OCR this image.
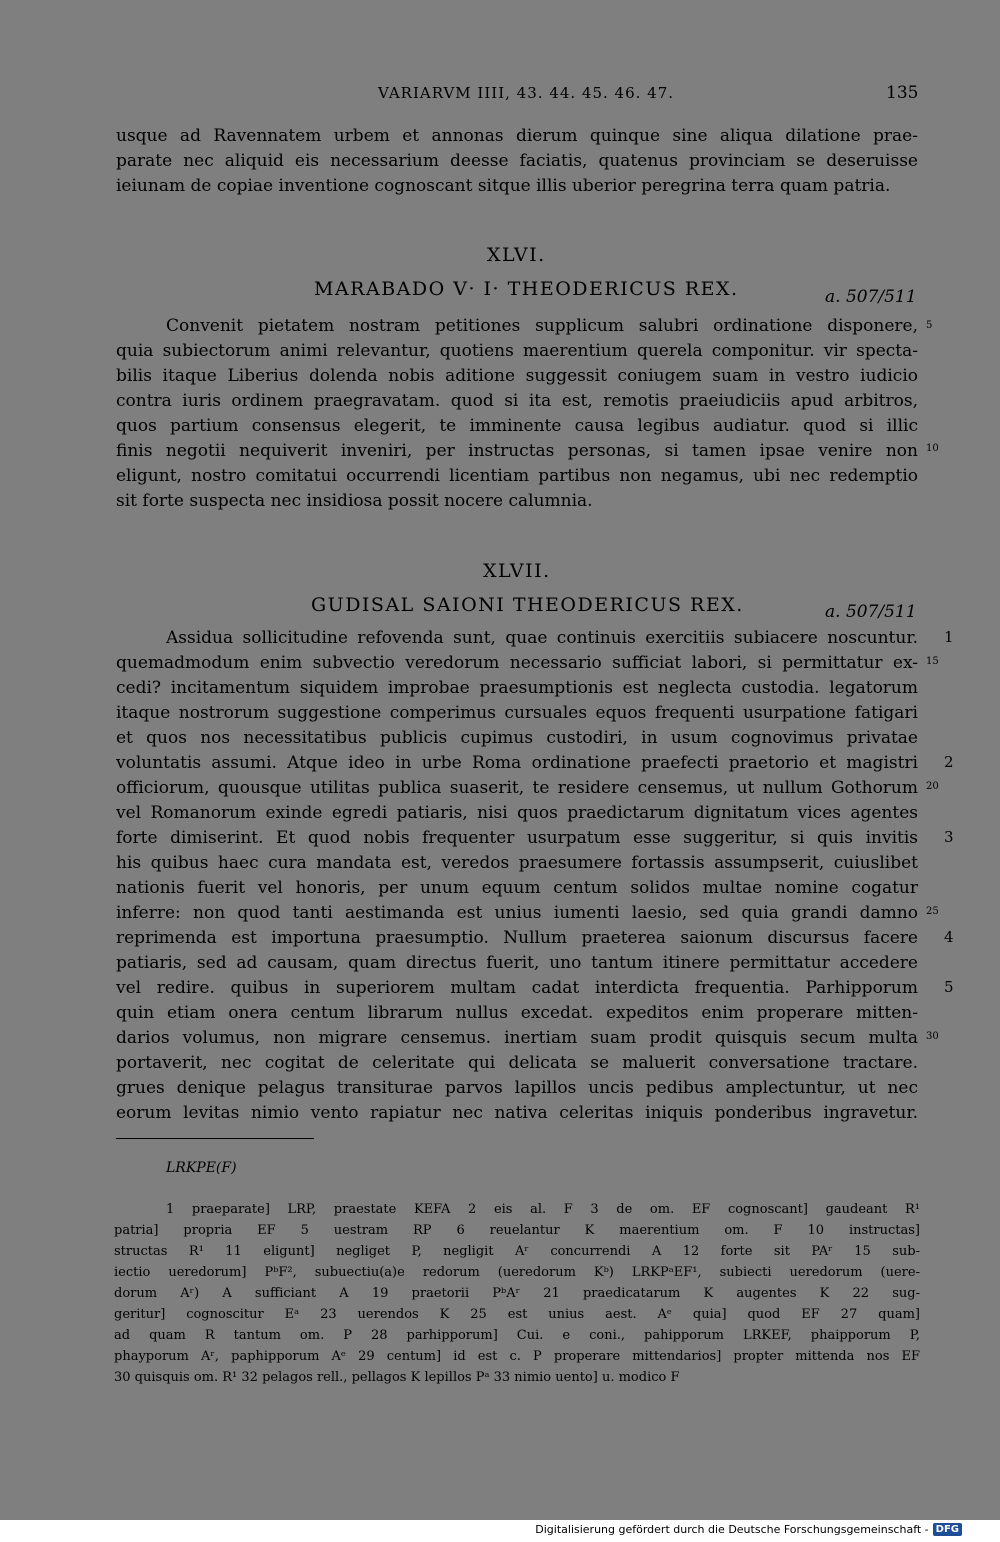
VARIARVM IIII, 43. 44. 45. 46. 47.	135
usque ad Ravennatem urbem et annonas dierum quinque sine aliqua dilatione prae-
parate nec aliquid eis necessarium deesse faciatis, quatenus provinciam se deseruisse
ieiunam de copiae inventione cognoscant sitque illis uberior peregrina terra quam patria.
XLVI.
MARABADO V· I· THEODERICUS REX.	a. 507/511
Convenit pietatem nostram petitiones supplicum salubri ordinatione disponere,
quia subiectorum animi relevantur, quotiens maerentium querela componitur. vir specta-
bilis itaque Liberius dolenda nobis aditione suggessit coniugem suam in vestro iudicio
contra iuris ordinem praegravatam. quod si ita est, remotis praeiudiciis apud arbitros,
quos partium consensus elegerit, te imminente causa legibus audiatur. quod si illic
finis negotii nequiverit inveniri, per instructas personas, si tamen ipsae venire non
eligunt, nostro comitatui occurrendi licentiam partibus non negamus, ubi nec redemptio
sit forte suspecta nec insidiosa possit nocere calumnia.
XLVII.
GUDISAL SAIONI THEODERICUS REX.	a. 507/511
Assidua sollicitudine refovenda sunt, quae continuis exercitiis subiacere noscuntur.
quemadmodum enim subvectio veredorum necessario sufficiat labori, si permittatur ex-
cedi? incitamentum siquidem improbae praesumptionis est neglecta custodia. legatorum
itaque nostrorum suggestione comperimus cursuales equos frequenti usurpatione fatigari
et quos nos necessitatibus publicis cupimus custodiri, in usum cognovimus privatae
voluntatis assumi. Atque ideo in urbe Roma ordinatione praefecti praetorio et magistri
officiorum, quousque utilitas publica suaserit, te residere censemus, ut nullum Gothorum
vel Romanorum exinde egredi patiaris, nisi quos praedictarum dignitatum vices agentes
forte dimiserint. Et quod nobis frequenter usurpatum esse suggeritur, si quis invitis
his quibus haec cura mandata est, veredos praesumere fortassis assumpserit, cuiuslibet
nationis fuerit vel honoris, per unum equum centum solidos multae nomine cogatur
inferre: non quod tanti aestimanda est unius iumenti laesio, sed quia grandi damno
reprimenda est importuna praesumptio. Nullum praeterea saionum discursus facere
patiaris, sed ad causam, quam directus fuerit, uno tantum itinere permittatur accedere
vel redire. quibus in superiorem multam cadat interdicta frequentia. Parhipporum
quin etiam onera centum librarum nullus excedat. expeditos enim properare mitten-
darios volumus, non migrare censemus. inertiam suam prodit quisquis secum multa
portaverit, nec cogitat de celeritate qui delicata se maluerit conversatione tractare.
grues denique pelagus transiturae parvos lapillos uncis pedibus amplectuntur, ut nec
eorum levitas nimio vento rapiatur nec nativa celeritas iniquis ponderibus ingravetur.
5
10
15
20
25
30
1
2
3
4
5
LRKPE(F)
1 praeparate] LRP, praestate KEFA 2 eis al. F 3 de om. EF cognoscant] gaudeant R¹
patria] propria EF 5 uestram RP 6 reuelantur K maerentium om. F 10 instructas]
structas R¹ 11 eligunt] negliget P, negligit Aʳ concurrendi A 12 forte sit PAʳ 15 sub-
iectio ueredorum] PᵇF², subuectiu(a)e redorum (ueredorum Kᵇ) LRKPᵃEF¹, subiecti ueredorum (uere-
dorum Aʳ) A sufficiant A 19 praetorii PᵇAʳ 21 praedicatarum K augentes K 22 sug-
geritur] cognoscitur Eᵃ 23 uerendos K 25 est unius aest. Aᵉ quia] quod EF 27 quam]
ad quam R tantum om. P 28 parhipporum] Cui. e coni., pahipporum LRKEF, phaipporum P,
phayporum Aʳ, paphipporum Aᵉ 29 centum] id est c. P properare mittendarios] propter mittenda nos EF
30 quisquis om. R¹ 32 pelagos rell., pellagos K lepillos Pᵃ 33 nimio uento] u. modico F
Digitalisierung gefördert durch die Deutsche Forschungsgemeinschaft - DFG
